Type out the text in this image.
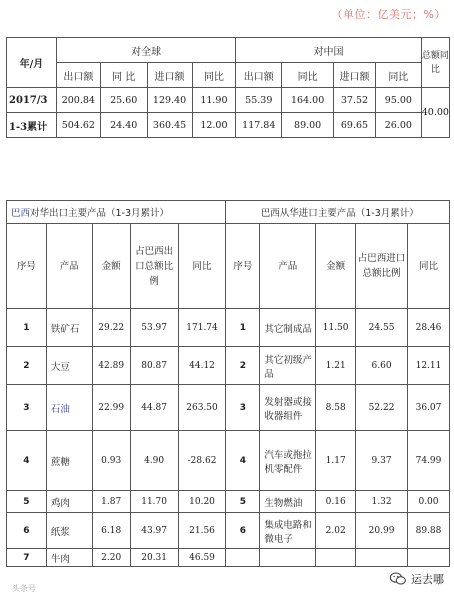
（单位：亿美元；%）
年/月	对全球				对中国				总额同比
	出口额	同 比	进口额	同比	出口额	同比	进口额	同比	
2017/3	200.84	25.60	129.40	11.90	55.39	164.00	37.52	95.00	40.00
1-3累计	504.62	24.40	360.45	12.00	117.84	89.00	69.65	26.00	
巴西对华出口主要产品（1-3月累计）					巴西从华进口主要产品（1-3月累计）				
序号	产品	金额	占巴西出口总额比例	同比	序号	产品	金额	占巴西进口总额比例	同比
1	铁矿石	29.22	53.97	171.74	1	其它制成品	11.50	24.55	28.46
2	大豆	42.89	80.87	44.12	2	其它初级产品	1.21	6.60	12.11
3	石油	22.99	44.87	263.50	3	发射器或接收器组件	8.58	52.22	36.07
4	蔗糖	0.93	4.90	-28.62	4	汽车或拖拉机零配件	1.17	9.37	74.99
5	鸡肉	1.87	11.70	10.20	5	生物燃油	0.16	1.32	0.00
6	纸浆	6.18	43.97	21.56	6	集成电路和微电子	2.02	20.99	89.88
7	牛肉	2.20	20.31	46.59					
头条号
运去哪
